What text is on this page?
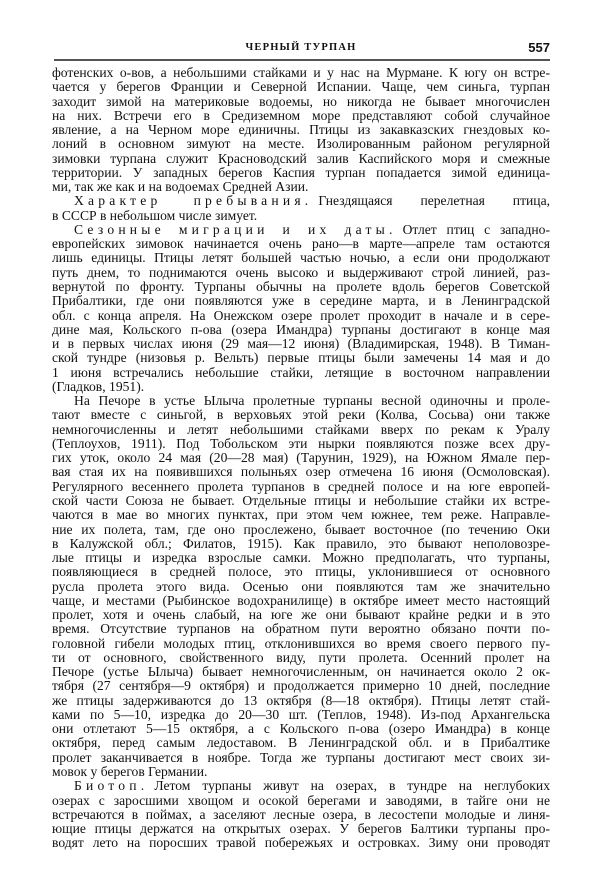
ЧЕРНЫЙ ТУРПАН	557
фотенских о-вов, а небольшими стайками и у нас на Мурмане. К югу он встре-
чается у берегов Франции и Северной Испании. Чаще, чем синьга, турпан
заходит зимой на материковые водоемы, но никогда не бывает многочислен
на них. Встречи его в Средиземном море представляют собой случайное
явление, а на Черном море единичны. Птицы из закавказских гнездовых ко-
лоний в основном зимуют на месте. Изолированным районом регулярной
зимовки турпана служит Красноводский залив Каспийского моря и смежные
территории. У западных берегов Каспия турпан попадается зимой единица-
ми, так же как и на водоемах Средней Азии.
Характер пребывания. Гнездящаяся перелетная птица,
в СССР в небольшом числе зимует.
Сезонные миграции и их даты. Отлет птиц с западно-
европейских зимовок начинается очень рано—в марте—апреле там остаются
лишь единицы. Птицы летят большей частью ночью, а если они продолжают
путь днем, то поднимаются очень высоко и выдерживают строй линией, раз-
вернутой по фронту. Турпаны обычны на пролете вдоль берегов Советской
Прибалтики, где они появляются уже в середине марта, и в Ленинградской
обл. с конца апреля. На Онежском озере пролет проходит в начале и в сере-
дине мая, Кольского п-ова (озера Имандра) турпаны достигают в конце мая
и в первых числах июня (29 мая—12 июня) (Владимирская, 1948). В Тиман-
ской тундре (низовья р. Вельть) первые птицы были замечены 14 мая и до
1 июня встречались небольшие стайки, летящие в восточном направлении
(Гладков, 1951).
На Печоре в устье Ылыча пролетные турпаны весной одиночны и проле-
тают вместе с синьгой, в верховьях этой реки (Колва, Сосьва) они также
немногочисленны и летят небольшими стайками вверх по рекам к Уралу
(Теплоухов, 1911). Под Тобольском эти нырки появляются позже всех дру-
гих уток, около 24 мая (20—28 мая) (Тарунин, 1929), на Южном Ямале пер-
вая стая их на появившихся полыньях озер отмечена 16 июня (Осмоловская).
Регулярного весеннего пролета турпанов в средней полосе и на юге европей-
ской части Союза не бывает. Отдельные птицы и небольшие стайки их встре-
чаются в мае во многих пунктах, при этом чем южнее, тем реже. Направле-
ние их полета, там, где оно прослежено, бывает восточное (по течению Оки
в Калужской обл.; Филатов, 1915). Как правило, это бывают неполовозре-
лые птицы и изредка взрослые самки. Можно предполагать, что турпаны,
появляющиеся в средней полосе, это птицы, уклонившиеся от основного
русла пролета этого вида. Осенью они появляются там же значительно
чаще, и местами (Рыбинское водохранилище) в октябре имеет место настоящий
пролет, хотя и очень слабый, на юге же они бывают крайне редки и в это
время. Отсутствие турпанов на обратном пути вероятно обязано почти по-
головной гибели молодых птиц, отклонившихся во время своего первого пу-
ти от основного, свойственного виду, пути пролета. Осенний пролет на
Печоре (устье Ылыча) бывает немногочисленным, он начинается около 2 ок-
тября (27 сентября—9 октября) и продолжается примерно 10 дней, последние
же птицы задерживаются до 13 октября (8—18 октября). Птицы летят стай-
ками по 5—10, изредка до 20—30 шт. (Теплов, 1948). Из-под Архангельска
они отлетают 5—15 октября, а с Кольского п-ова (озеро Имандра) в конце
октября, перед самым ледоставом. В Ленинградской обл. и в Прибалтике
пролет заканчивается в ноябре. Тогда же турпаны достигают мест своих зи-
мовок у берегов Германии.
Биотоп. Летом турпаны живут на озерах, в тундре на неглубоких
озерах с заросшими хвощом и осокой берегами и заводями, в тайге они не
встречаются в поймах, а заселяют лесные озера, в лесостепи молодые и линя-
ющие птицы держатся на открытых озерах. У берегов Балтики турпаны про-
водят лето на поросших травой побережьях и островках. Зиму они проводят
